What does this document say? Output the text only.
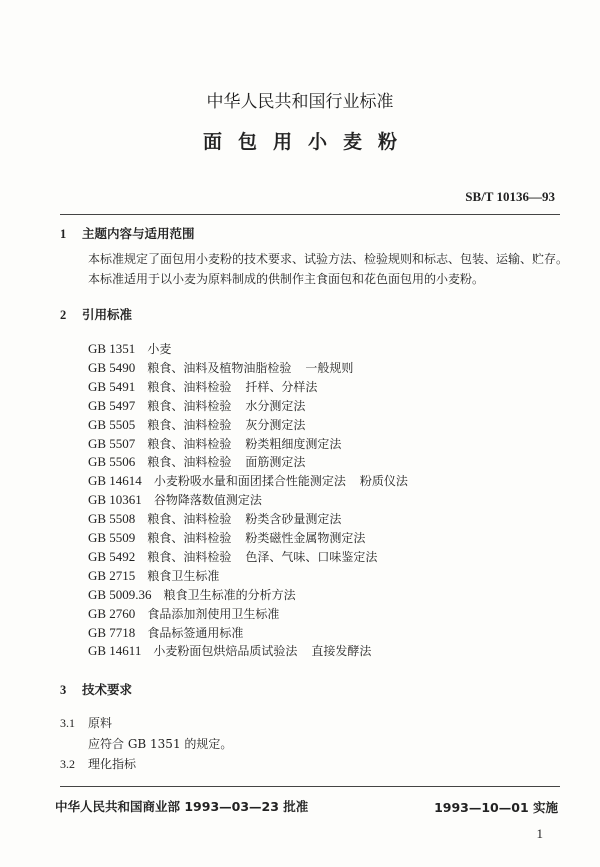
中华人民共和国行业标准
面包用小麦粉
SB/T 10136—93
1 主题内容与适用范围
本标准规定了面包用小麦粉的技术要求、试验方法、检验规则和标志、包装、运输、贮存。
本标准适用于以小麦为原料制成的供制作主食面包和花色面包用的小麦粉。
2 引用标准
GB 1351 小麦
GB 5490 粮食、油料及植物油脂检验 一般规则
GB 5491 粮食、油料检验 扦样、分样法
GB 5497 粮食、油料检验 水分测定法
GB 5505 粮食、油料检验 灰分测定法
GB 5507 粮食、油料检验 粉类粗细度测定法
GB 5506 粮食、油料检验 面筋测定法
GB 14614 小麦粉吸水量和面团揉合性能测定法 粉质仪法
GB 10361 谷物降落数值测定法
GB 5508 粮食、油料检验 粉类含砂量测定法
GB 5509 粮食、油料检验 粉类磁性金属物测定法
GB 5492 粮食、油料检验 色泽、气味、口味鉴定法
GB 2715 粮食卫生标准
GB 5009.36 粮食卫生标准的分析方法
GB 2760 食品添加剂使用卫生标准
GB 7718 食品标签通用标准
GB 14611 小麦粉面包烘焙品质试验法 直接发酵法
3 技术要求
3.1 原料
应符合 GB 1351 的规定。
3.2 理化指标
中华人民共和国商业部 1993—03—23 批准	1993—10—01 实施
1
